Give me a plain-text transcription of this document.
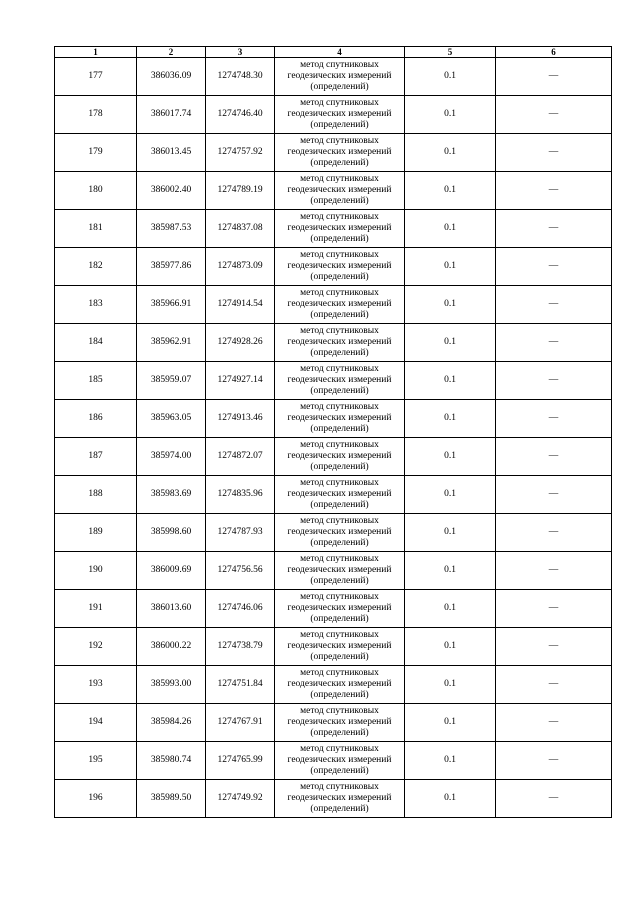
1	2	3	4	5	6
177	386036.09	1274748.30	метод спутниковых геодезических измерений (определений)	0.1	—
178	386017.74	1274746.40	метод спутниковых геодезических измерений (определений)	0.1	—
179	386013.45	1274757.92	метод спутниковых геодезических измерений (определений)	0.1	—
180	386002.40	1274789.19	метод спутниковых геодезических измерений (определений)	0.1	—
181	385987.53	1274837.08	метод спутниковых геодезических измерений (определений)	0.1	—
182	385977.86	1274873.09	метод спутниковых геодезических измерений (определений)	0.1	—
183	385966.91	1274914.54	метод спутниковых геодезических измерений (определений)	0.1	—
184	385962.91	1274928.26	метод спутниковых геодезических измерений (определений)	0.1	—
185	385959.07	1274927.14	метод спутниковых геодезических измерений (определений)	0.1	—
186	385963.05	1274913.46	метод спутниковых геодезических измерений (определений)	0.1	—
187	385974.00	1274872.07	метод спутниковых геодезических измерений (определений)	0.1	—
188	385983.69	1274835.96	метод спутниковых геодезических измерений (определений)	0.1	—
189	385998.60	1274787.93	метод спутниковых геодезических измерений (определений)	0.1	—
190	386009.69	1274756.56	метод спутниковых геодезических измерений (определений)	0.1	—
191	386013.60	1274746.06	метод спутниковых геодезических измерений (определений)	0.1	—
192	386000.22	1274738.79	метод спутниковых геодезических измерений (определений)	0.1	—
193	385993.00	1274751.84	метод спутниковых геодезических измерений (определений)	0.1	—
194	385984.26	1274767.91	метод спутниковых геодезических измерений (определений)	0.1	—
195	385980.74	1274765.99	метод спутниковых геодезических измерений (определений)	0.1	—
196	385989.50	1274749.92	метод спутниковых геодезических измерений (определений)	0.1	—
